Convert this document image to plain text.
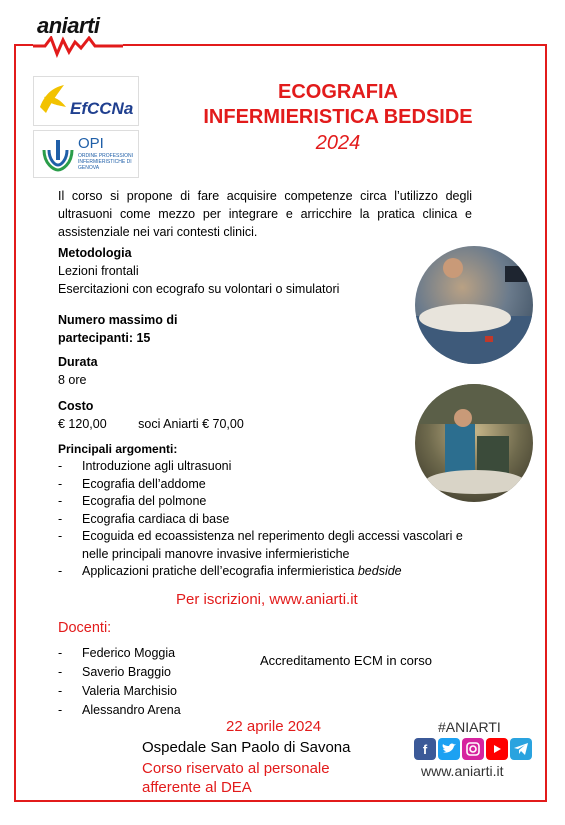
aniarti
EfCCNa
OPI
ORDINE PROFESSIONI INFERMIERISTICHE DI GENOVA
ECOGRAFIA
INFERMIERISTICA BEDSIDE
2024
Il corso si propone di fare acquisire competenze circa l’utilizzo degli ultrasuoni come mezzo per integrare e arricchire la pratica clinica e assistenziale nei vari contesti clinici.
Metodologia
Lezioni frontali
Esercitazioni con ecografo su volontari o simulatori
Numero massimo di
partecipanti: 15
Durata
8 ore
Costo
€ 120,00	soci Aniarti € 70,00
Principali argomenti:
- Introduzione agli ultrasuoni
- Ecografia dell’addome
- Ecografia del polmone
- Ecografia cardiaca di base
- Ecoguida ed ecoassistenza nel reperimento degli accessi vascolari e nelle principali manovre invasive infermieristiche
- Applicazioni pratiche dell’ecografia infermieristica bedside
Per iscrizioni, www.aniarti.it
Docenti:
- Federico Moggia
- Saverio Braggio
- Valeria Marchisio
- Alessandro Arena
Accreditamento ECM in corso
22 aprile 2024
Ospedale San Paolo di Savona
Corso riservato al personale
afferente al DEA
#ANIARTI
f
www.aniarti.it
